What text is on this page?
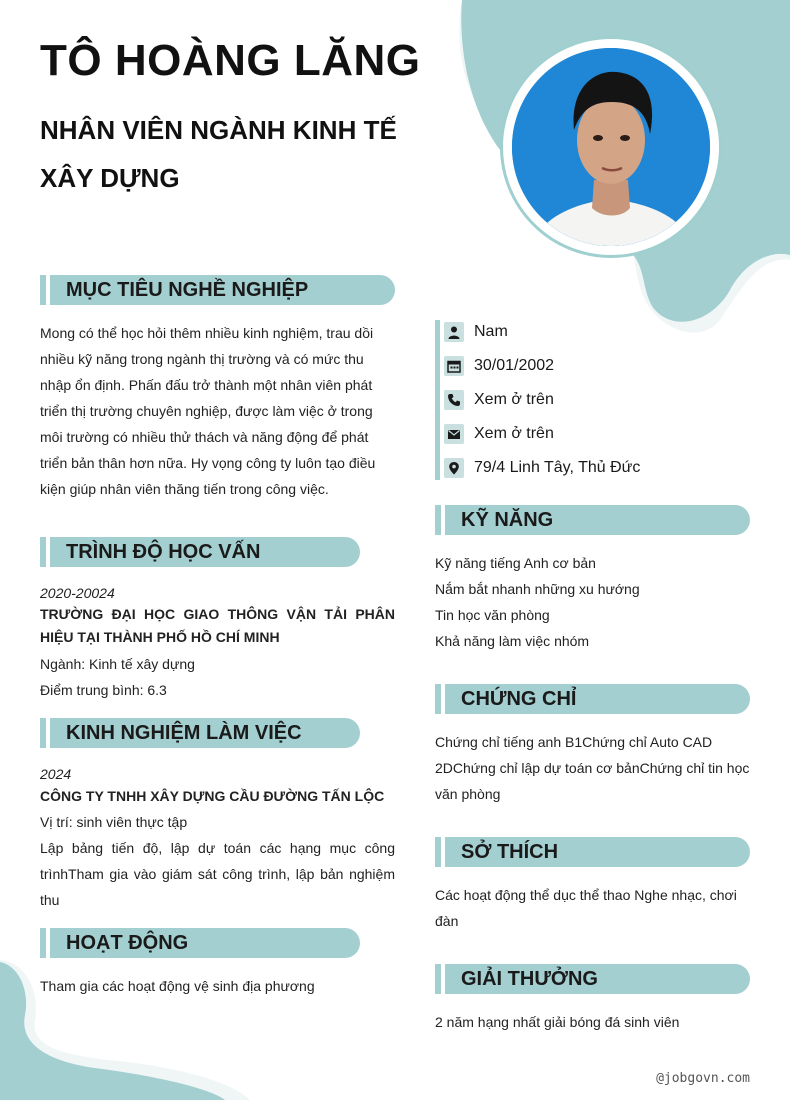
TÔ HOÀNG LĂNG
NHÂN VIÊN NGÀNH KINH TẾ XÂY DỰNG
MỤC TIÊU NGHỀ NGHIỆP
Mong có thể học hỏi thêm nhiều kinh nghiệm, trau dồi nhiều kỹ năng trong ngành thị trường và có mức thu nhập ổn định. Phấn đấu trở thành một nhân viên phát triển thị trường chuyên nghiệp, được làm việc ở trong môi trường có nhiều thử thách và năng động để phát triển bản thân hơn nữa. Hy vọng công ty luôn tạo điều kiện giúp nhân viên thăng tiến trong công việc.
TRÌNH ĐỘ HỌC VẤN
2020-20024
TRƯỜNG ĐẠI HỌC GIAO THÔNG VẬN TẢI PHÂN HIỆU TẠI THÀNH PHỐ HỒ CHÍ MINH
Ngành: Kinh tế xây dựng
Điểm trung bình: 6.3
KINH NGHIỆM LÀM VIỆC
2024
CÔNG TY TNHH XÂY DỰNG CẦU ĐƯỜNG TẤN LỘC
Vị trí: sinh viên thực tập
Lập bảng tiến độ, lập dự toán các hạng mục công trìnhTham gia vào giám sát công trình, lập bản nghiệm thu
HOẠT ĐỘNG
Tham gia các hoạt động vệ sinh địa phương
Nam
30/01/2002
Xem ở trên
Xem ở trên
79/4 Linh Tây, Thủ Đức
KỸ NĂNG
Kỹ năng tiếng Anh cơ bản
Nắm bắt nhanh những xu hướng
Tin học văn phòng
Khả năng làm việc nhóm
CHỨNG CHỈ
Chứng chỉ tiếng anh B1Chứng chỉ Auto CAD 2DChứng chỉ lập dự toán cơ bảnChứng chỉ tin học văn phòng
SỞ THÍCH
Các hoạt động thể dục thể thao Nghe nhạc, chơi đàn
GIẢI THƯỞNG
2 năm hạng nhất giải bóng đá sinh viên
@jobgovn.com
